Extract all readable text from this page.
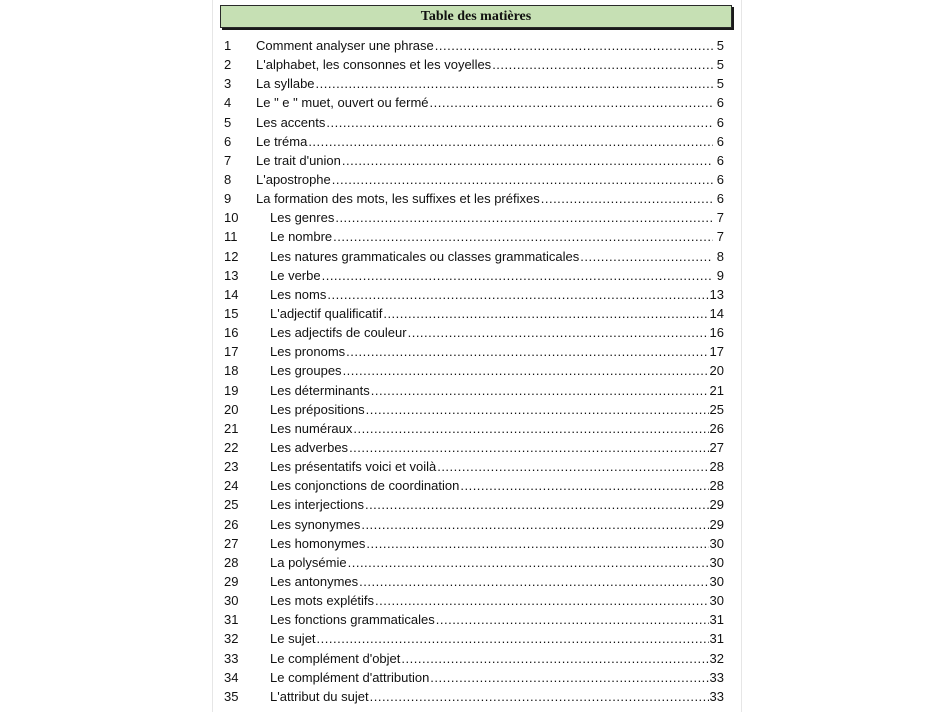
Table des matières
1	Comment analyser une phrase .....	5
2	L'alphabet, les consonnes et les voyelles .....	5
3	La syllabe .....	5
4	Le " e " muet, ouvert ou fermé .....	6
5	Les accents .....	6
6	Le tréma .....	6
7	Le trait d'union .....	6
8	L'apostrophe .....	6
9	La formation des mots, les suffixes et les préfixes .....	6
10	Les genres .....	7
11	Le nombre .....	7
12	Les natures grammaticales ou classes grammaticales .....	8
13	Le verbe .....	9
14	Les noms .....	13
15	L'adjectif qualificatif .....	14
16	Les adjectifs de couleur .....	16
17	Les pronoms .....	17
18	Les groupes .....	20
19	Les déterminants .....	21
20	Les prépositions .....	25
21	Les numéraux .....	26
22	Les adverbes .....	27
23	Les présentatifs voici et voilà .....	28
24	Les conjonctions de coordination .....	28
25	Les interjections .....	29
26	Les synonymes .....	29
27	Les homonymes .....	30
28	La polysémie .....	30
29	Les antonymes .....	30
30	Les mots explétifs .....	30
31	Les fonctions grammaticales .....	31
32	Le sujet .....	31
33	Le complément d'objet .....	32
34	Le complément d'attribution .....	33
35	L'attribut du sujet .....	33
